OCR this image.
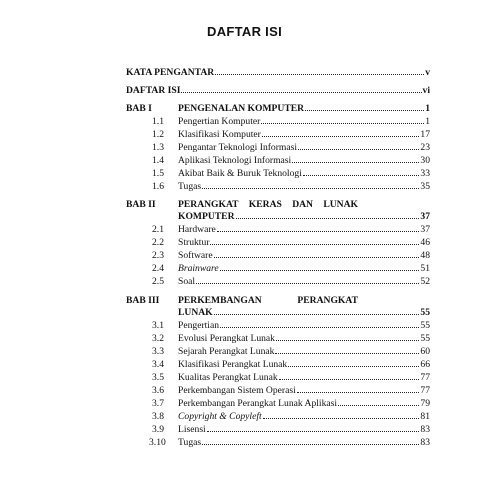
DAFTAR ISI
KATA PENGANTAR	v
DAFTAR ISI	vi
BAB I	PENGENALAN KOMPUTER	1
1.1 Pengertian Komputer	1
1.2 Klasifikasi Komputer	17
1.3 Pengantar Teknologi Informasi	23
1.4 Aplikasi Teknologi Informasi	30
1.5 Akibat Baik & Buruk Teknologi	33
1.6 Tugas	35
BAB II PERANGKAT KERAS DAN LUNAK
KOMPUTER	37
2.1 Hardware	37
2.2 Struktur	46
2.3 Software	48
2.4 Brainware	51
2.5 Soal	52
BAB III PERKEMBANGAN PERANGKAT
LUNAK	55
3.1 Pengertian	55
3.2 Evolusi Perangkat Lunak	55
3.3 Sejarah Perangkat Lunak	60
3.4 Klasifikasi Perangkat Lunak	66
3.5 Kualitas Perangkat Lunak	77
3.6 Perkembangan Sistem Operasi	77
3.7 Perkembangan Perangkat Lunak Aplikasi	79
3.8 Copyright & Copyleft	81
3.9 Lisensi	83
3.10 Tugas	83
